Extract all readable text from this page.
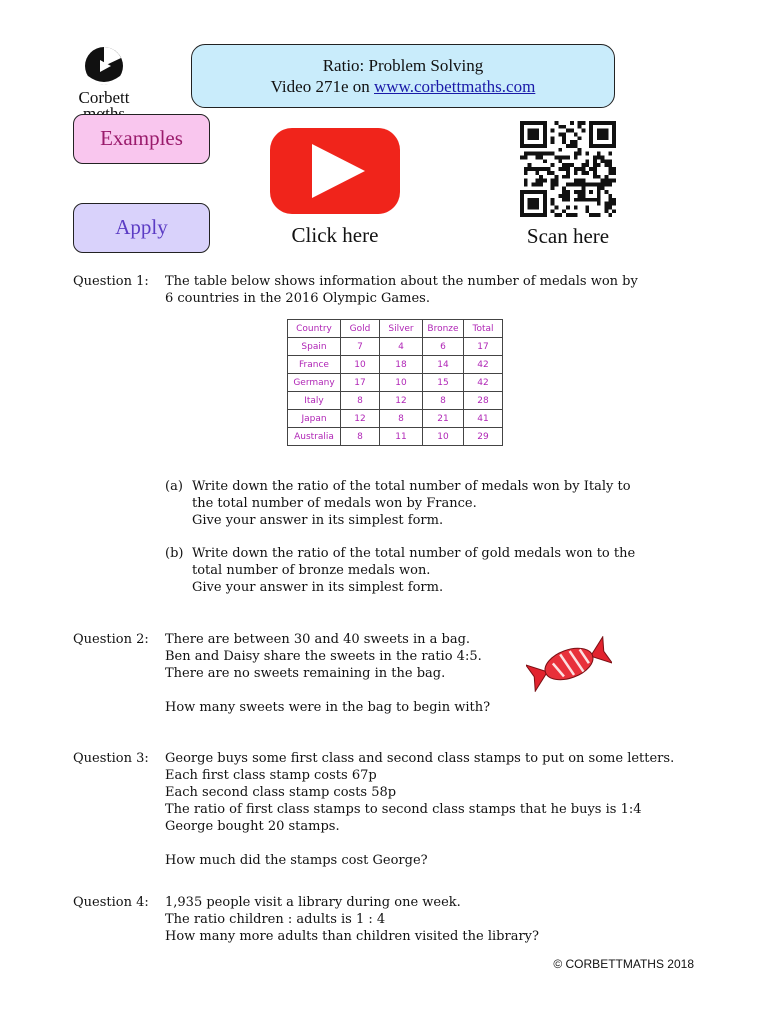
Corbett
Ratio: Problem Solving
Video 271e on www.corbettmaths.com
Examples
Apply	Click here	Scan here
Question 1: The table below shows information about the number of medals won by

6 countries in the 2016 Olympic Games.

Country	Gold	Silver	Bronze	Total
Spain	7	4	6	17
France	10	18	14	42
Germany	17	10	15	42
Italy	8	12	8	28
Japan	12	8	21	41
Australia	8	11	10	29
(a) Write down the ratio of the total number of medals won by Italy to
the total number of medals won by France.
Give your answer in its simplest form.
(b) Write down the ratio of the total number of gold medals won to the
total number of bronze medals won.
Give your answer in its simplest form.
Question 2: There are between 30 and 40 sweets in a bag.

Ben and Daisy share the sweets in the ratio 4:5.

There are no sweets remaining in the bag.

How many sweets were in the bag to begin with?

Question 3: George buys some first class and second class stamps to put on some letters.

Each first class stamp costs 67p

Each second class stamp costs 58p

The ratio of first class stamps to second class stamps that he buys is 1:4

George bought 20 stamps.

How much did the stamps cost George?

Question 4: 1,935 people visit a library during one week.

The ratio children : adults is 1 : 4

How many more adults than children visited the library?

© CORBETTMATHS 2018
